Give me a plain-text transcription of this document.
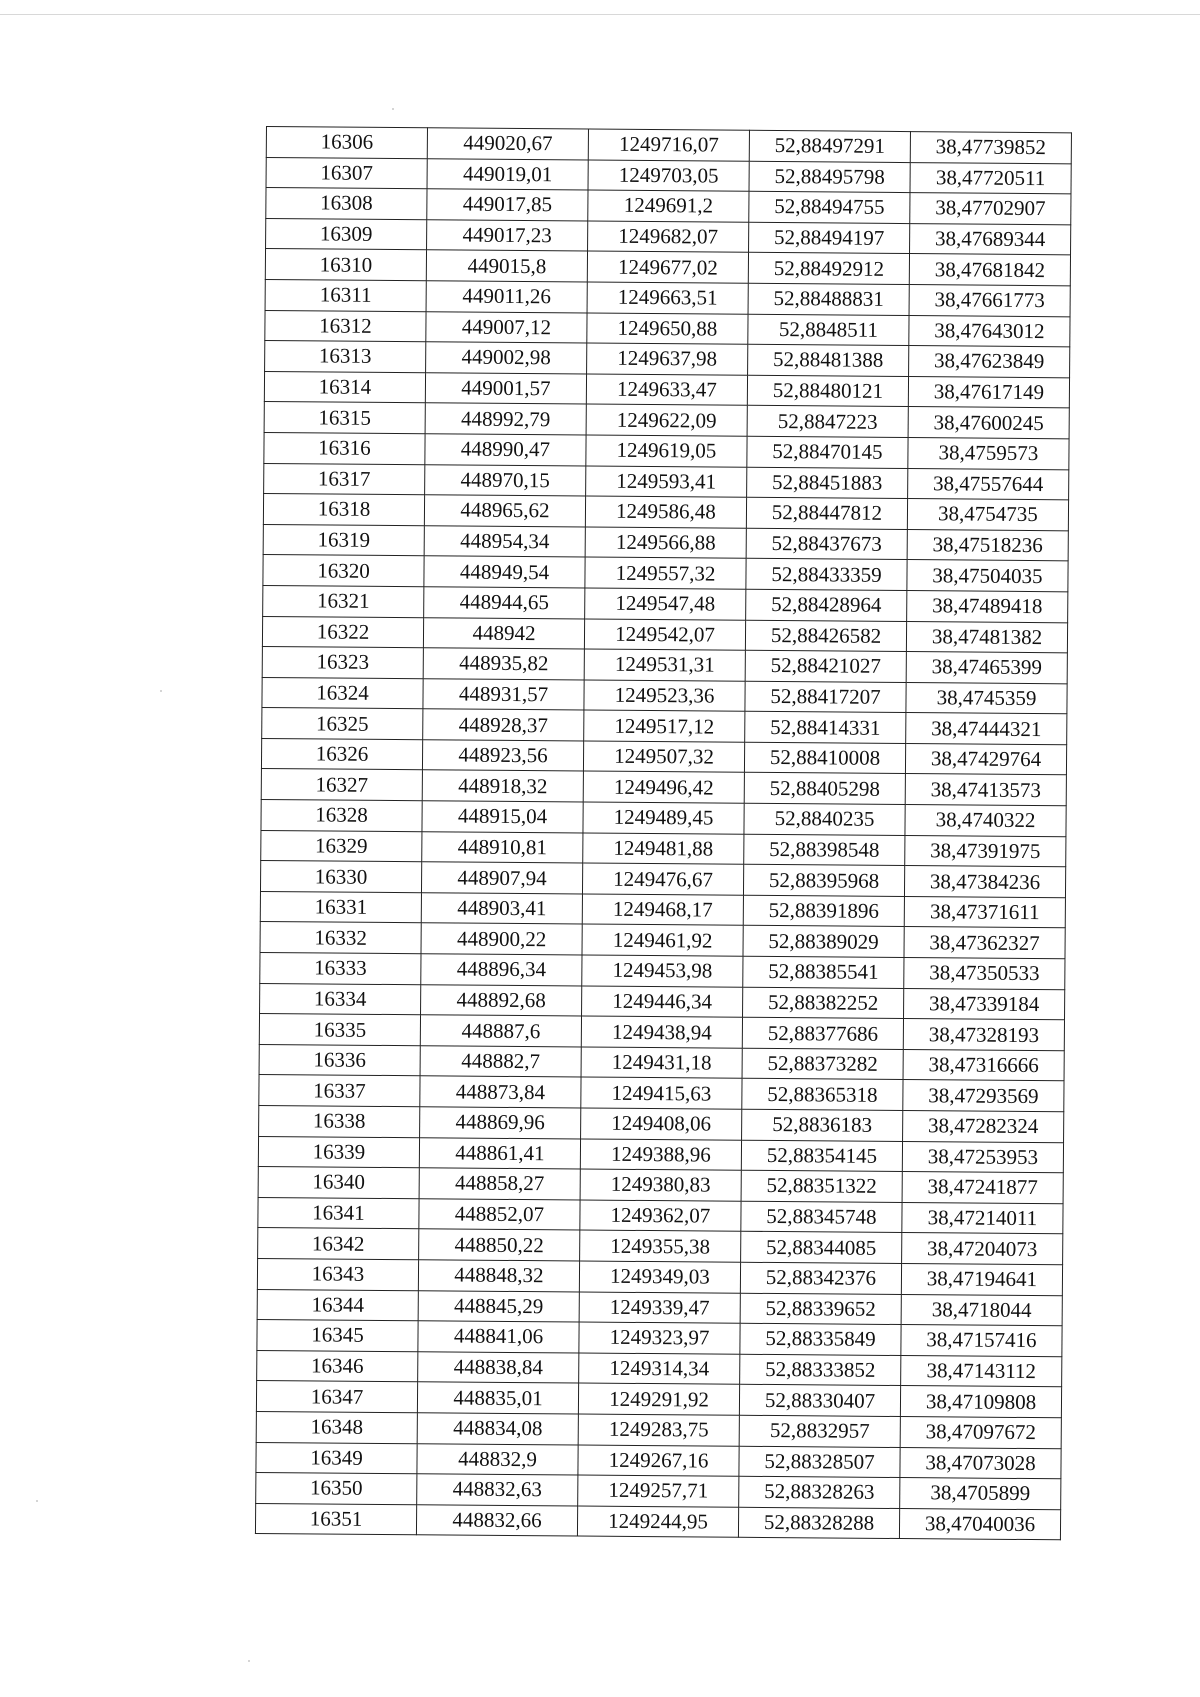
16306	449020,67	1249716,07	52,88497291	38,47739852
16307	449019,01	1249703,05	52,88495798	38,47720511
16308	449017,85	1249691,2	52,88494755	38,47702907
16309	449017,23	1249682,07	52,88494197	38,47689344
16310	449015,8	1249677,02	52,88492912	38,47681842
16311	449011,26	1249663,51	52,88488831	38,47661773
16312	449007,12	1249650,88	52,8848511	38,47643012
16313	449002,98	1249637,98	52,88481388	38,47623849
16314	449001,57	1249633,47	52,88480121	38,47617149
16315	448992,79	1249622,09	52,8847223	38,47600245
16316	448990,47	1249619,05	52,88470145	38,4759573
16317	448970,15	1249593,41	52,88451883	38,47557644
16318	448965,62	1249586,48	52,88447812	38,4754735
16319	448954,34	1249566,88	52,88437673	38,47518236
16320	448949,54	1249557,32	52,88433359	38,47504035
16321	448944,65	1249547,48	52,88428964	38,47489418
16322	448942	1249542,07	52,88426582	38,47481382
16323	448935,82	1249531,31	52,88421027	38,47465399
16324	448931,57	1249523,36	52,88417207	38,4745359
16325	448928,37	1249517,12	52,88414331	38,47444321
16326	448923,56	1249507,32	52,88410008	38,47429764
16327	448918,32	1249496,42	52,88405298	38,47413573
16328	448915,04	1249489,45	52,8840235	38,4740322
16329	448910,81	1249481,88	52,88398548	38,47391975
16330	448907,94	1249476,67	52,88395968	38,47384236
16331	448903,41	1249468,17	52,88391896	38,47371611
16332	448900,22	1249461,92	52,88389029	38,47362327
16333	448896,34	1249453,98	52,88385541	38,47350533
16334	448892,68	1249446,34	52,88382252	38,47339184
16335	448887,6	1249438,94	52,88377686	38,47328193
16336	448882,7	1249431,18	52,88373282	38,47316666
16337	448873,84	1249415,63	52,88365318	38,47293569
16338	448869,96	1249408,06	52,8836183	38,47282324
16339	448861,41	1249388,96	52,88354145	38,47253953
16340	448858,27	1249380,83	52,88351322	38,47241877
16341	448852,07	1249362,07	52,88345748	38,47214011
16342	448850,22	1249355,38	52,88344085	38,47204073
16343	448848,32	1249349,03	52,88342376	38,47194641
16344	448845,29	1249339,47	52,88339652	38,4718044
16345	448841,06	1249323,97	52,88335849	38,47157416
16346	448838,84	1249314,34	52,88333852	38,47143112
16347	448835,01	1249291,92	52,88330407	38,47109808
16348	448834,08	1249283,75	52,8832957	38,47097672
16349	448832,9	1249267,16	52,88328507	38,47073028
16350	448832,63	1249257,71	52,88328263	38,4705899
16351	448832,66	1249244,95	52,88328288	38,47040036
